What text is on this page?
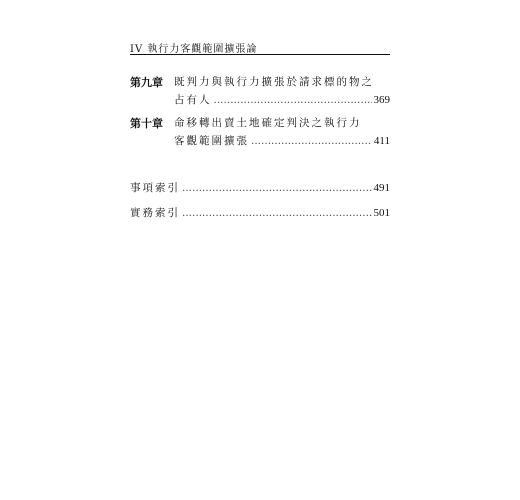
IV 執行力客觀範圍擴張論
第九章 既判力與執行力擴張於請求標的物之
占有人 .....	369
第十章 命移轉出賣土地確定判決之執行力
客觀範圍擴張 .....	411
事項索引 .....	491
實務索引 .....	501
